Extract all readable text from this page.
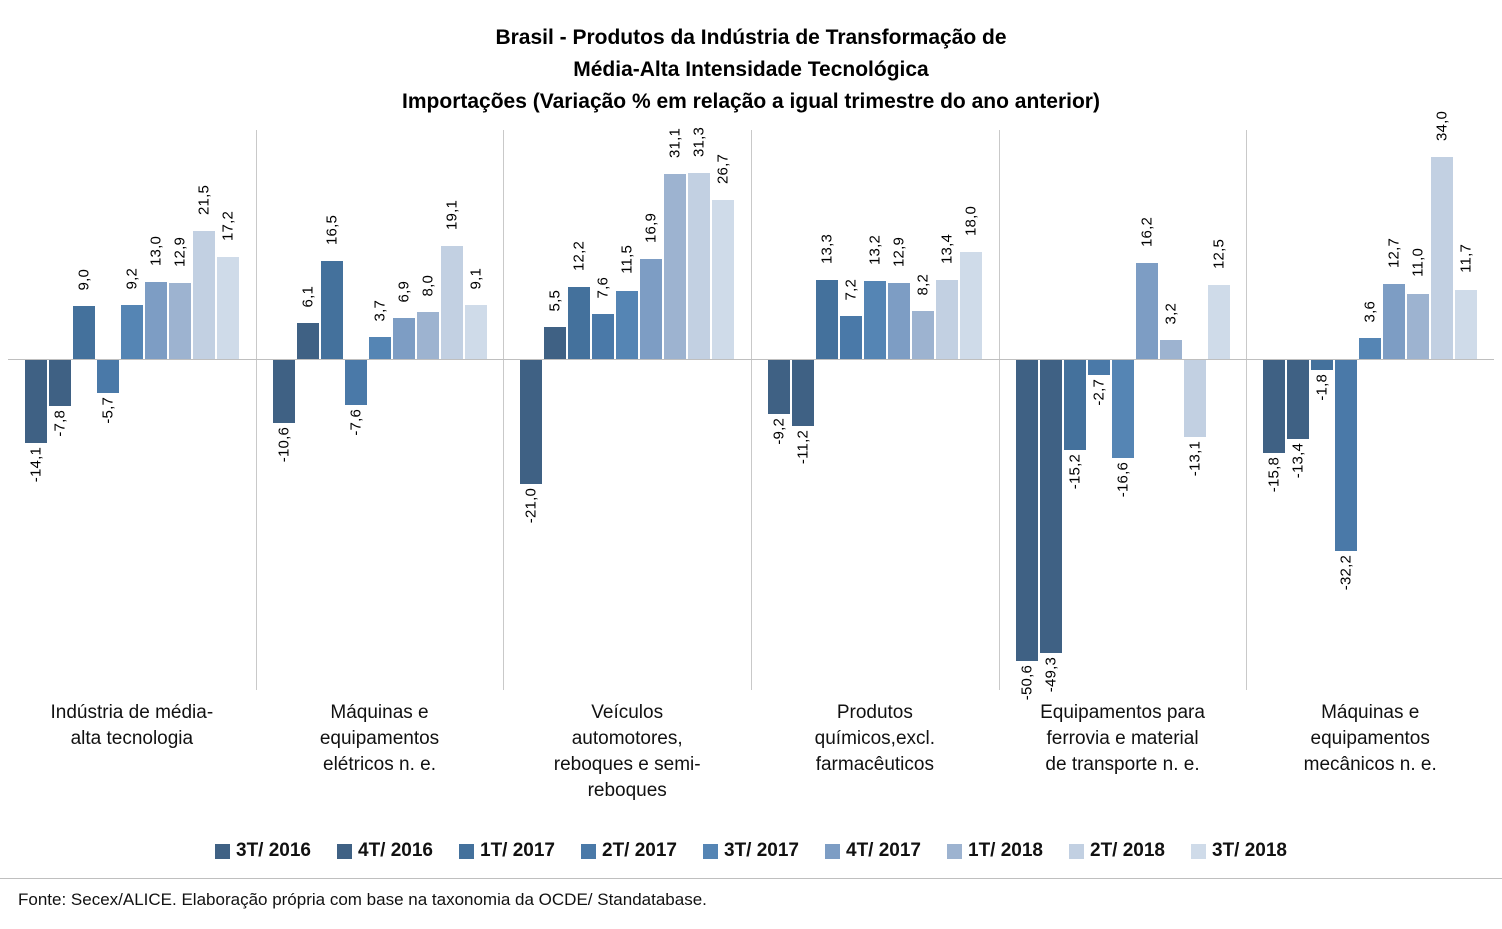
Brasil - Produtos da Indústria de Transformação de
Média-Alta Intensidade Tecnológica
Importações (Variação % em relação a igual trimestre do ano anterior)
-14,1
-7,8
9,0
-5,7
9,2
13,0 12,9
21,5
17,2
-10,6
6,1
16,5
-7,6
3,7
6,9 8,0
19,1
9,1
-21,0
5,5
12,2
7,6
11,5
16,9
31,1 31,3
26,7
-9,2 -11,2
13,3
7,2
13,2 12,9
8,2
13,4
18,0
-50,6 -49,3
-15,2
-2,7
-16,6
16,2
3,2
-13,1
12,5
-15,8 -13,4
-1,8
-32,2
3,6
12,7 11,0
34,0
11,7
Indústria de média-
alta tecnologia
Máquinas e
equipamentos
elétricos n. e.
Veículos
automotores,
reboques e semi-
reboques
Produtos
químicos,excl.
farmacêuticos
Equipamentos para
ferrovia e material
de transporte n. e.
Máquinas e
equipamentos
mecânicos n. e.
3T/ 2016 4T/ 2016 1T/ 2017 2T/ 2017 3T/ 2017 4T/ 2017 1T/ 2018 2T/ 2018 3T/ 2018
Fonte: Secex/ALICE. Elaboração própria com base na taxonomia da OCDE/ Standatabase.
